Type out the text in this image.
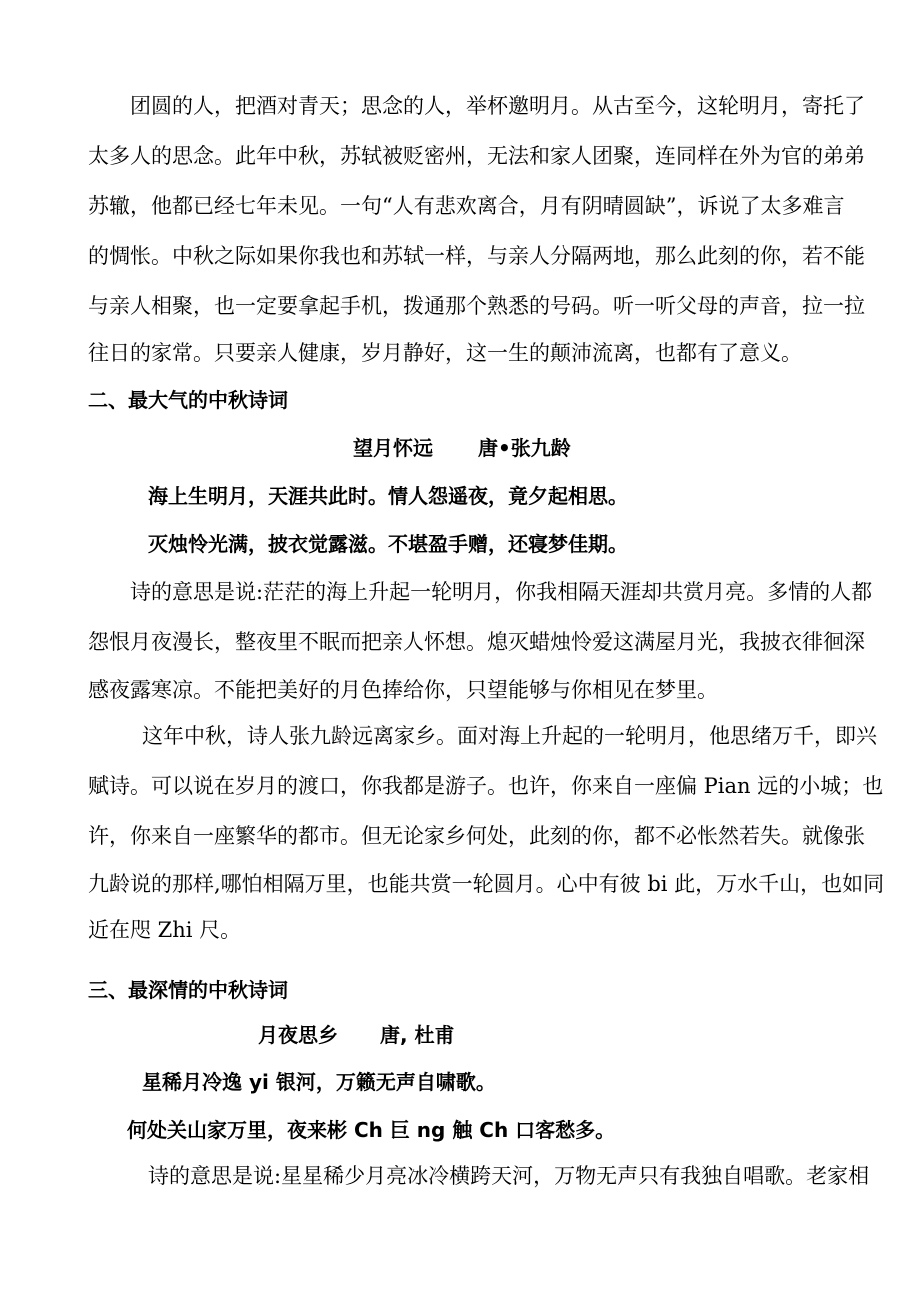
团圆的人，把酒对青天；思念的人，举杯邀明月。从古至今，这轮明月，寄托了
太多人的思念。此年中秋，苏轼被贬密州，无法和家人团聚，连同样在外为官的弟弟
苏辙，他都已经七年未见。一句“人有悲欢离合，月有阴晴圆缺”，诉说了太多难言
的惆怅。中秋之际如果你我也和苏轼一样，与亲人分隔两地，那么此刻的你，若不能
与亲人相聚，也一定要拿起手机，拨通那个熟悉的号码。听一听父母的声音，拉一拉
往日的家常。只要亲人健康，岁月静好，这一生的颠沛流离，也都有了意义。
二、最大气的中秋诗词
望月怀远 唐•张九龄
海上生明月，天涯共此时。情人怨遥夜，竟夕起相思。
灭烛怜光满，披衣觉露滋。不堪盈手赠，还寝梦佳期。
诗的意思是说:茫茫的海上升起一轮明月，你我相隔天涯却共赏月亮。多情的人都
怨恨月夜漫长，整夜里不眠而把亲人怀想。熄灭蜡烛怜爱这满屋月光，我披衣徘徊深
感夜露寒凉。不能把美好的月色捧给你，只望能够与你相见在梦里。
这年中秋，诗人张九龄远离家乡。面对海上升起的一轮明月，他思绪万千，即兴
赋诗。可以说在岁月的渡口，你我都是游子。也许，你来自一座偏 Pian 远的小城；也
许，你来自一座繁华的都市。但无论家乡何处，此刻的你，都不必怅然若失。就像张
九龄说的那样,哪怕相隔万里，也能共赏一轮圆月。心中有彼 bi 此，万水千山，也如同
近在咫 Zhi 尺。
三、最深情的中秋诗词
月夜思乡 唐, 杜甫
星稀月冷逸 yi 银河，万籁无声自啸歌。
何处关山家万里，夜来彬 Ch 巨 ng 触 Ch 口客愁多。
诗的意思是说:星星稀少月亮冰冷横跨天河，万物无声只有我独自唱歌。老家相
